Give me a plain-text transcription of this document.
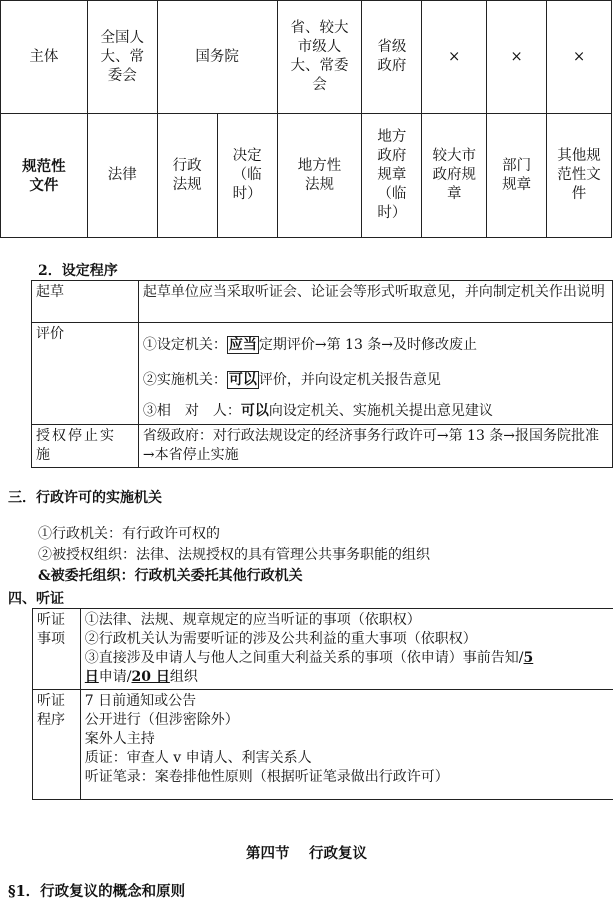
主体	全国人大、常委会	国务院		省、较大市级人大、常委会	省级政府	×	×	×
规范性文件	法律	行政法规	决定（临时）	地方性法规	地方政府规章（临时）	较大市政府规章	部门规章	其他规范性文件
2．设定程序
起草	起草单位应当采取听证会、论证会等形式听取意见，并向制定机关作出说明
评价	①设定机关： 应当 定期评价→第 13 条→及时修改废止
②实施机关： 可以 评价，并向设定机关报告意见
③相　对　人：可以向设定机关、实施机关提出意见建议

授权停止实施	省级政府：对行政法规设定的经济事务行政许可→第 13 条→报国务院批准→本省停止实施
三．行政许可的实施机关
①行政机关：有行政许可权的
②被授权组织：法律、法规授权的具有管理公共事务职能的组织
&被委托组织：行政机关委托其他行政机关
四、听证
听证事项	①法律、法规、规章规定的应当听证的事项（依职权）
②行政机关认为需要听证的涉及公共利益的重大事项（依职权）
③直接涉及申请人与他人之间重大利益关系的事项（依申请）事前告知/5
日申请/20 日组织

听证程序	7 日前通知或公告
公开进行（但涉密除外）
案外人主持
质证：审查人 v 申请人、利害关系人
听证笔录：案卷排他性原则（根据听证笔录做出行政许可）
第四节　 行政复议
§1．行政复议的概念和原则
